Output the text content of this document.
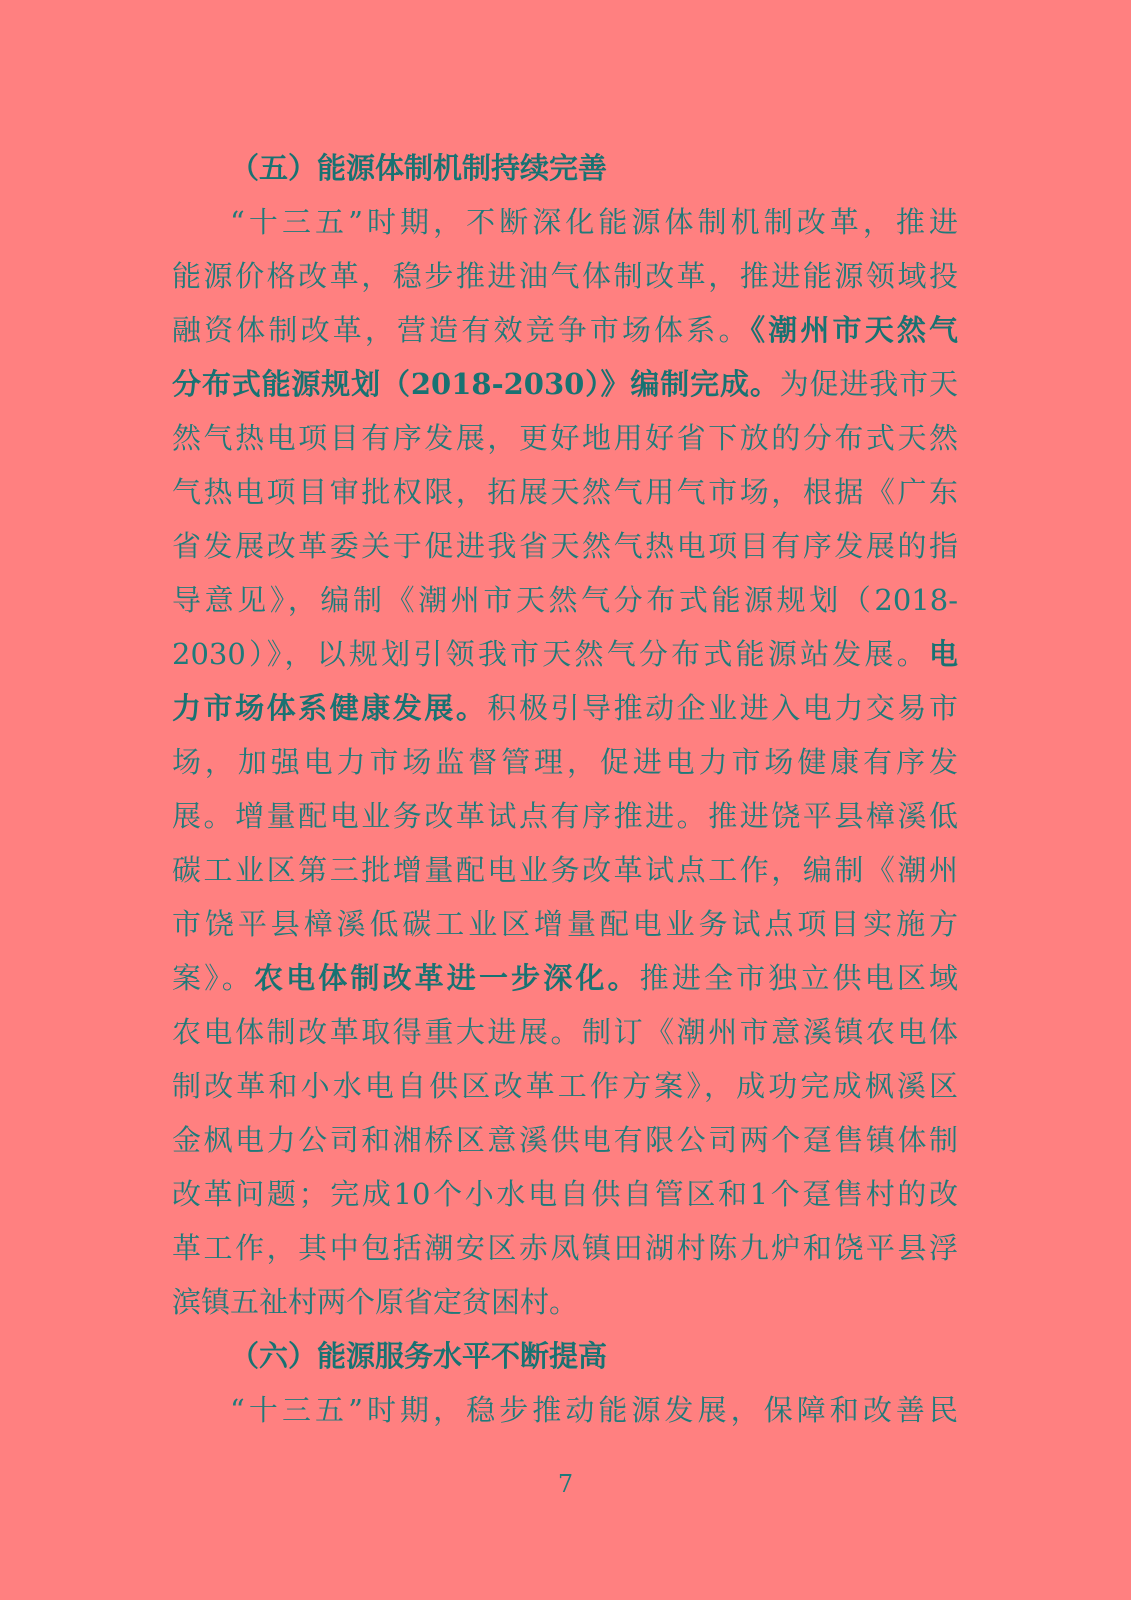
（五）能源体制机制持续完善
“十三五”时期，不断深化能源体制机制改革，推进
能源价格改革，稳步推进油气体制改革，推进能源领域投
融资体制改革，营造有效竞争市场体系。《潮州市天然气
分布式能源规划（2018-2030）》编制完成。为促进我市天
然气热电项目有序发展，更好地用好省下放的分布式天然
气热电项目审批权限，拓展天然气用气市场，根据《广东
省发展改革委关于促进我省天然气热电项目有序发展的指
导意见》，编制《潮州市天然气分布式能源规划（2018-
2030）》，以规划引领我市天然气分布式能源站发展。电
力市场体系健康发展。积极引导推动企业进入电力交易市
场，加强电力市场监督管理，促进电力市场健康有序发
展。增量配电业务改革试点有序推进。推进饶平县樟溪低
碳工业区第三批增量配电业务改革试点工作，编制《潮州
市饶平县樟溪低碳工业区增量配电业务试点项目实施方
案》。农电体制改革进一步深化。推进全市独立供电区域
农电体制改革取得重大进展。制订《潮州市意溪镇农电体
制改革和小水电自供区改革工作方案》，成功完成枫溪区
金枫电力公司和湘桥区意溪供电有限公司两个趸售镇体制
改革问题；完成10个小水电自供自管区和1个趸售村的改
革工作，其中包括潮安区赤凤镇田湖村陈九炉和饶平县浮
滨镇五祉村两个原省定贫困村。
（六）能源服务水平不断提高
“十三五”时期，稳步推动能源发展，保障和改善民
7
